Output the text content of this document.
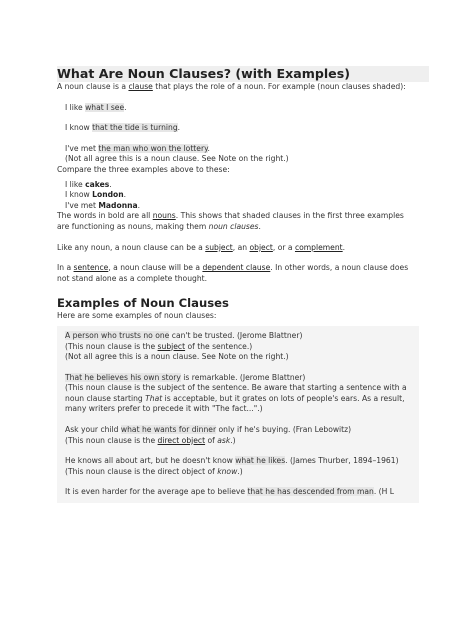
What Are Noun Clauses? (with Examples)

A noun clause is a clause that plays the role of a noun. For example (noun clauses shaded):

I like what I see.

I know that the tide is turning.

I've met the man who won the lottery.

(Not all agree this is a noun clause. See Note on the right.)

Compare the three examples above to these:

I like cakes.

I know London.

I've met Madonna.

The words in bold are all nouns. This shows that shaded clauses in the first three examples are functioning as nouns, making them noun clauses.

Like any noun, a noun clause can be a subject, an object, or a complement.

In a sentence, a noun clause will be a dependent clause. In other words, a noun clause does not stand alone as a complete thought.

Examples of Noun Clauses

Here are some examples of noun clauses:

A person who trusts no one can't be trusted. (Jerome Blattner)

(This noun clause is the subject of the sentence.)

(Not all agree this is a noun clause. See Note on the right.)

That he believes his own story is remarkable. (Jerome Blattner)

(This noun clause is the subject of the sentence. Be aware that starting a sentence with a noun clause starting That is acceptable, but it grates on lots of people's ears. As a result, many writers prefer to precede it with "The fact...".)

Ask your child what he wants for dinner only if he's buying. (Fran Lebowitz)

(This noun clause is the direct object of ask.)

He knows all about art, but he doesn't know what he likes. (James Thurber, 1894–1961)

(This noun clause is the direct object of know.)

It is even harder for the average ape to believe that he has descended from man. (H L
